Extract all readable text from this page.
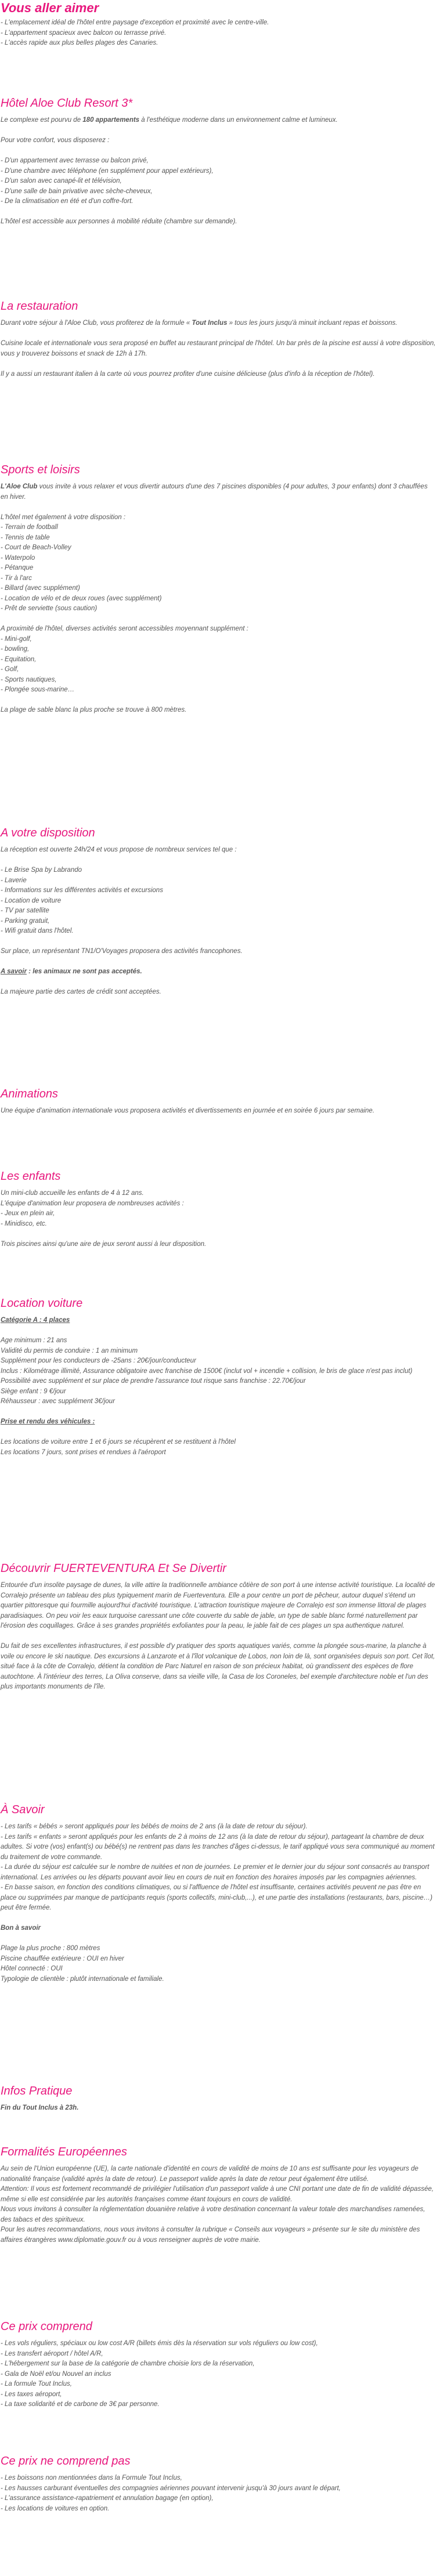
Vous aller aimer
- L'emplacement idéal de l'hôtel entre paysage d'exception et proximité avec le centre-ville.
- L'appartement spacieux avec balcon ou terrasse privé.
- L'accès rapide aux plus belles plages des Canaries.
Hôtel Aloe Club Resort 3*

Le complexe est pourvu de 180 appartements à l'esthétique moderne dans un environnement calme et lumineux.

Pour votre confort, vous disposerez :

- D'un appartement avec terrasse ou balcon privé,
- D'une chambre avec téléphone (en supplément pour appel extérieurs),
- D'un salon avec canapé-lit et télévision,
- D'une salle de bain privative avec sèche-cheveux,
- De la climatisation en été et d'un coffre-fort.

L'hôtel est accessible aux personnes à mobilité réduite (chambre sur demande).

La restauration

Durant votre séjour à l'Aloe Club, vous profiterez de la formule « Tout Inclus » tous les jours jusqu'à minuit incluant repas et boissons.

Cuisine locale et internationale vous sera proposé en buffet au restaurant principal de l'hôtel. Un bar près de la piscine est aussi à votre disposition, vous y trouverez boissons et snack de 12h à 17h.

Il y a aussi un restaurant italien à la carte où vous pourrez profiter d'une cuisine délicieuse (plus d'info à la réception de l'hôtel).

Sports et loisirs

L'Aloe Club vous invite à vous relaxer et vous divertir autours d'une des 7 piscines disponibles (4 pour adultes, 3 pour enfants) dont 3 chauffées en hiver.

L'hôtel met également à votre disposition :

- Terrain de football
- Tennis de table
- Court de Beach-Volley
- Waterpolo
- Pétanque
- Tir à l'arc
- Billard (avec supplément)
- Location de vélo et de deux roues (avec supplément)
- Prêt de serviette (sous caution)

A proximité de l'hôtel, diverses activités seront accessibles moyennant supplément :

- Mini-golf,
- bowling,
- Equitation,
- Golf,
- Sports nautiques,
- Plongée sous-marine…

La plage de sable blanc la plus proche se trouve à 800 mètres.

A votre disposition

La réception est ouverte 24h/24 et vous propose de nombreux services tel que :

- Le Brise Spa by Labrando
- Laverie
- Informations sur les différentes activités et excursions
- Location de voiture
- TV par satellite
- Parking gratuit,
- Wifi gratuit dans l'hôtel.

Sur place, un représentant TN1/O'Voyages proposera des activités francophones.

A savoir : les animaux ne sont pas acceptés.

La majeure partie des cartes de crédit sont acceptées.

Animations

Une équipe d'animation internationale vous proposera activités et divertissements en journée et en soirée 6 jours par semaine.

Les enfants

Un mini-club accueille les enfants de 4 à 12 ans.

L'équipe d'animation leur proposera de nombreuses activités :

- Jeux en plein air,
- Minidisco, etc.

Trois piscines ainsi qu'une aire de jeux seront aussi à leur disposition.

Location voiture

Catégorie A : 4 places

Age minimum : 21 ans
Validité du permis de conduire : 1 an minimum
Supplément pour les conducteurs de -25ans : 20€/jour/conducteur
Inclus : Kilométrage illimité, Assurance obligatoire avec franchise de 1500€ (inclut vol + incendie + collision, le bris de glace n'est pas inclut)
Possibilité avec supplément et sur place de prendre l'assurance tout risque sans franchise : 22.70€/jour
Siège enfant : 9 €/jour
Réhausseur : avec supplément 3€/jour

Prise et rendu des véhicules :

Les locations de voiture entre 1 et 6 jours se récupèrent et se restituent à l'hôtel
Les locations 7 jours, sont prises et rendues à l'aéroport
Découvrir FUERTEVENTURA Et Se Divertir

Entourée d'un insolite paysage de dunes, la ville attire la traditionnelle ambiance côtière de son port à une intense activité touristique. La localité de Corralejo présente un tableau des plus typiquement marin de Fuerteventura. Elle a pour centre un port de pêcheur, autour duquel s'étend un quartier pittoresque qui fourmille aujourd'hui d'activité touristique. L'attraction touristique majeure de Corralejo est son immense littoral de plages paradisiaques. On peu voir les eaux turquoise caressant une côte couverte du sable de jable, un type de sable blanc formé naturellement par l'érosion des coquillages. Grâce à ses grandes propriétés exfoliantes pour la peau, le jable fait de ces plages un spa authentique naturel.

Du fait de ses excellentes infrastructures, il est possible d'y pratiquer des sports aquatiques variés, comme la plongée sous-marine, la planche à voile ou encore le ski nautique. Des excursions à Lanzarote et à l'îlot volcanique de Lobos, non loin de là, sont organisées depuis son port. Cet îlot, situé face à la côte de Corralejo, détient la condition de Parc Naturel en raison de son précieux habitat, où grandissent des espèces de flore autochtone. À l'intérieur des terres, La Oliva conserve, dans sa vieille ville, la Casa de los Coroneles, bel exemple d'architecture noble et l'un des plus importants monuments de l'île.

À Savoir

- Les tarifs « bébés » seront appliqués pour les bébés de moins de 2 ans (à la date de retour du séjour).

- Les tarifs « enfants » seront appliqués pour les enfants de 2 à moins de 12 ans (à la date de retour du séjour), partageant la chambre de deux adultes. Si votre (vos) enfant(s) ou bébé(s) ne rentrent pas dans les tranches d'âges ci-dessus, le tarif appliqué vous sera communiqué au moment du traitement de votre commande.

- La durée du séjour est calculée sur le nombre de nuitées et non de journées. Le premier et le dernier jour du séjour sont consacrés au transport international. Les arrivées ou les départs pouvant avoir lieu en cours de nuit en fonction des horaires imposés par les compagnies aériennes.

- En basse saison, en fonction des conditions climatiques, ou si l'affluence de l'hôtel est insuffisante, certaines activités peuvent ne pas être en place ou supprimées par manque de participants requis (sports collectifs, mini-club,...), et une partie des installations (restaurants, bars, piscine…) peut être fermée.

Bon à savoir

Plage la plus proche : 800 mètres
Piscine chauffée extérieure : OUI en hiver
Hôtel connecté : OUI
Typologie de clientèle : plutôt internationale et familiale.
Infos Pratique

Fin du Tout Inclus à 23h.

Formalités Européennes

Au sein de l'Union européenne (UE), la carte nationale d'identité en cours de validité de moins de 10 ans est suffisante pour les voyageurs de nationalité française (validité après la date de retour). Le passeport valide après la date de retour peut également être utilisé.

Attention: Il vous est fortement recommandé de privilégier l'utilisation d'un passeport valide à une CNI portant une date de fin de validité dépassée, même si elle est considérée par les autorités françaises comme étant toujours en cours de validité.

Nous vous invitons à consulter la réglementation douanière relative à votre destination concernant la valeur totale des marchandises ramenées, des tabacs et des spiritueux.

Pour les autres recommandations, nous vous invitons à consulter la rubrique « Conseils aux voyageurs » présente sur le site du ministère des affaires étrangères www.diplomatie.gouv.fr ou à vous renseigner auprès de votre mairie.

Ce prix comprend
- Les vols réguliers, spéciaux ou low cost A/R (billets émis dès la réservation sur vols réguliers ou low cost),
- Les transfert aéroport / hôtel A/R,
- L'hébergement sur la base de la catégorie de chambre choisie lors de la réservation,
- Gala de Noël et/ou Nouvel an inclus
- La formule Tout Inclus,
- Les taxes aéroport,
- La taxe solidarité et de carbone de 3€ par personne.
Ce prix ne comprend pas
- Les boissons non mentionnées dans la Formule Tout Inclus,
- Les hausses carburant éventuelles des compagnies aériennes pouvant intervenir jusqu'à 30 jours avant le départ,
- L'assurance assistance-rapatriement et annulation bagage (en option),
- Les locations de voitures en option.
